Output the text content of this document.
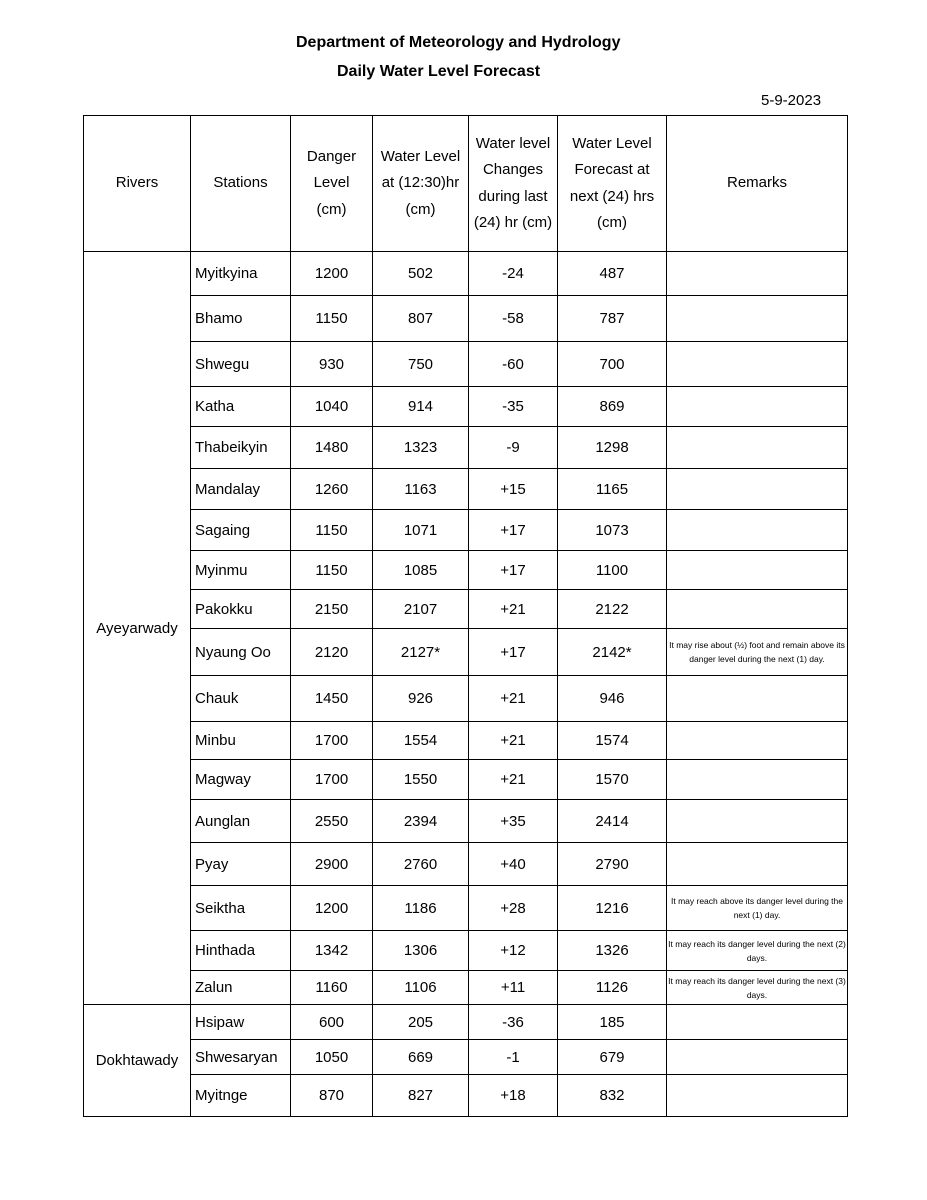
Department of Meteorology and Hydrology
Daily Water Level Forecast
5-9-2023
Rivers	Stations	Danger Level (cm)	Water Level at (12:30)hr (cm)	Water level Changes during last (24) hr (cm)	Water Level Forecast at next (24) hrs (cm)	Remarks
Ayeyarwady	Myitkyina	1200	502	-24	487	
	Bhamo	1150	807	-58	787	
	Shwegu	930	750	-60	700	
	Katha	1040	914	-35	869	
	Thabeikyin	1480	1323	-9	1298	
	Mandalay	1260	1163	+15	1165	
	Sagaing	1150	1071	+17	1073	
	Myinmu	1150	1085	+17	1100	
	Pakokku	2150	2107	+21	2122	
	Nyaung Oo	2120	2127*	+17	2142*	It may rise about (½) foot and remain above its danger level during the next (1) day.
	Chauk	1450	926	+21	946	
	Minbu	1700	1554	+21	1574	
	Magway	1700	1550	+21	1570	
	Aunglan	2550	2394	+35	2414	
	Pyay	2900	2760	+40	2790	
	Seiktha	1200	1186	+28	1216	It may reach above its danger level during the next (1) day.
	Hinthada	1342	1306	+12	1326	It may reach its danger level during the next (2) days.
	Zalun	1160	1106	+11	1126	It may reach its danger level during the next (3) days.
Dokhtawady	Hsipaw	600	205	-36	185	
	Shwesaryan	1050	669	-1	679	
	Myitnge	870	827	+18	832	
